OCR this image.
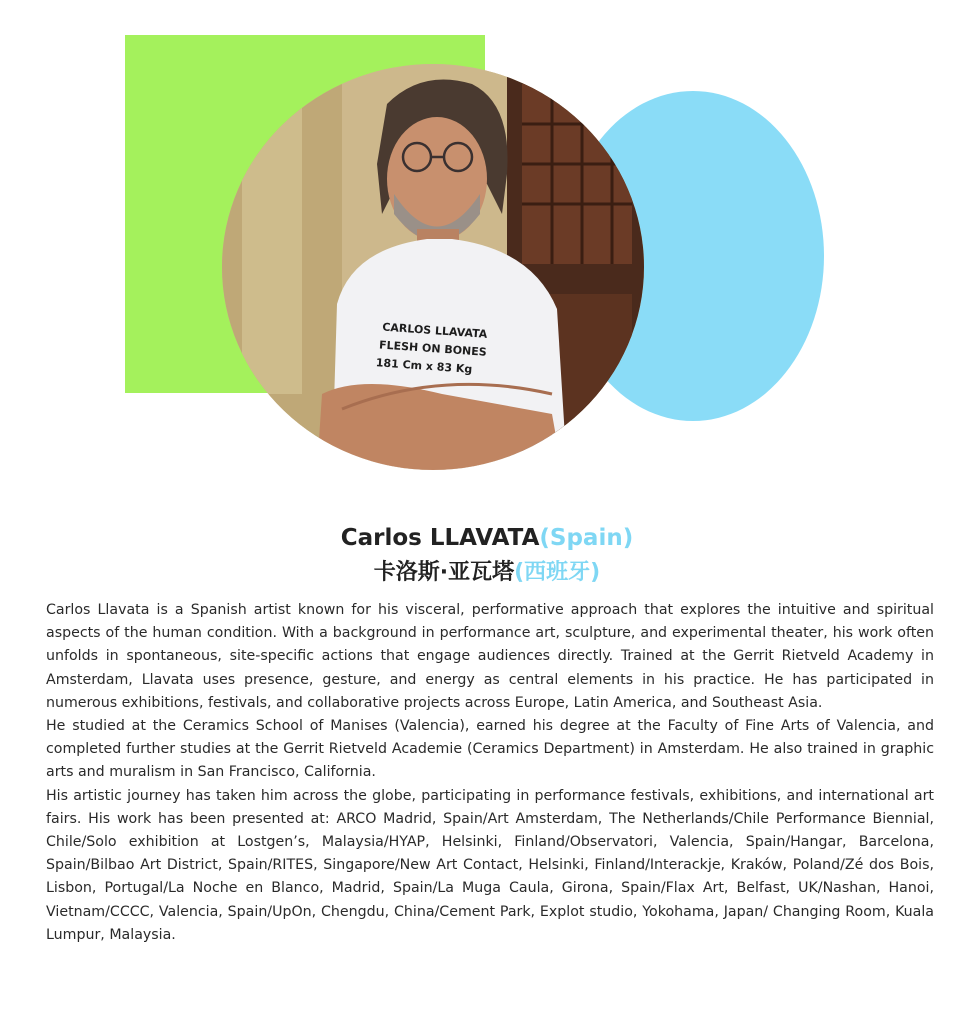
CARLOS LLAVATA
FLESH ON BONES
181 Cm x 83 Kg
Carlos LLAVATA(Spain)
卡洛斯·亚瓦塔(西班牙)

Carlos Llavata is a Spanish artist known for his visceral, performative approach that explores the intuitive and spiritual aspects of the human condition. With a background in performance art, sculpture, and experimental theater, his work often unfolds in spontaneous, site-specific actions that engage audiences directly. Trained at the Gerrit Rietveld Academy in Amsterdam, Llavata uses presence, gesture, and energy as central elements in his practice. He has participated in numerous exhibitions, festivals, and collaborative projects across Europe, Latin America, and Southeast Asia.

He studied at the Ceramics School of Manises (Valencia), earned his degree at the Faculty of Fine Arts of Valencia, and completed further studies at the Gerrit Rietveld Academie (Ceramics Department) in Amsterdam. He also trained in graphic arts and muralism in San Francisco, California.

His artistic journey has taken him across the globe, participating in performance festivals, exhibitions, and international art fairs. His work has been presented at: ARCO Madrid, Spain/Art Amsterdam, The Netherlands/Chile Performance Biennial, Chile/Solo exhibition at Lostgen’s, Malaysia/HYAP, Helsinki, Finland/Observatori, Valencia, Spain/Hangar, Barcelona, Spain/Bilbao Art District, Spain/RITES, Singapore/New Art Contact, Helsinki, Finland/Interackje, Kraków, Poland/Zé dos Bois, Lisbon, Portugal/La Noche en Blanco, Madrid, Spain/La Muga Caula, Girona, Spain/Flax Art, Belfast, UK/Nashan, Hanoi, Vietnam/CCCC, Valencia, Spain/UpOn, Chengdu, China/Cement Park, Explot studio, Yokohama, Japan/ Changing Room, Kuala Lumpur, Malaysia.
